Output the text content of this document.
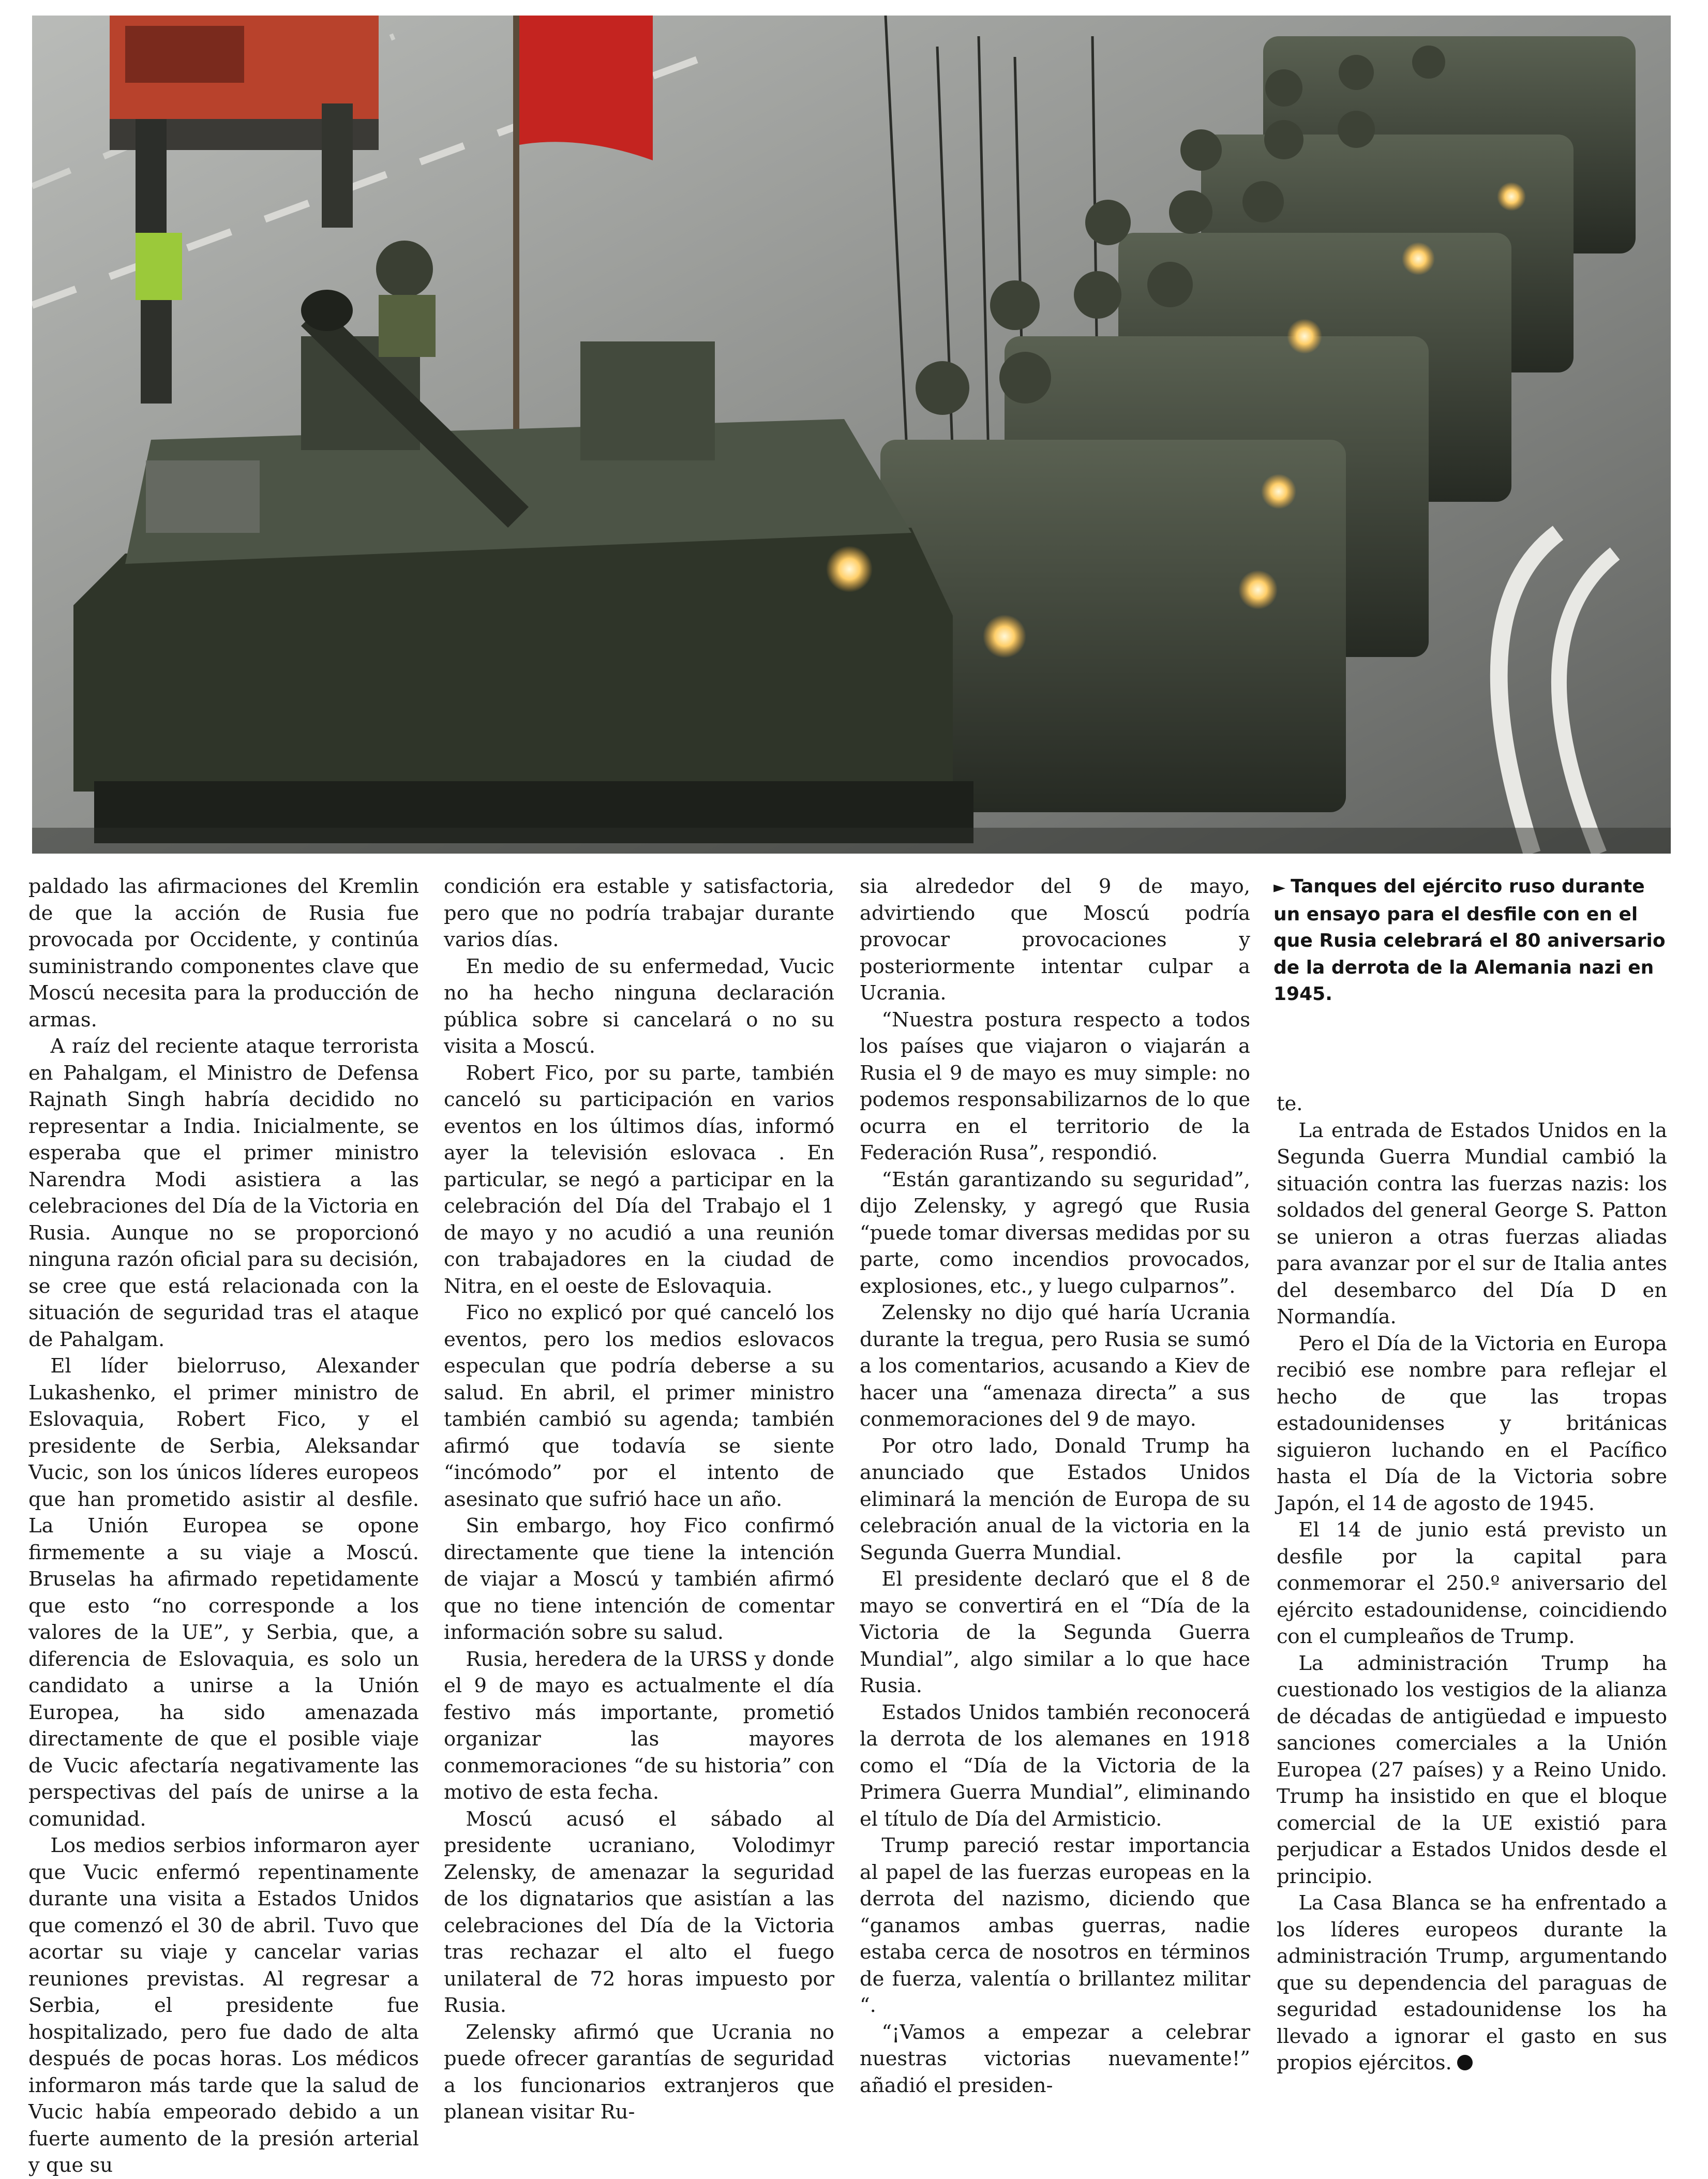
► Tanques del ejército ruso durante un ensayo para el desfile con en el que Rusia celebrará el 80 aniversario de la derrota de la Alemania nazi en 1945.

paldado las afirmaciones del Kremlin de que la acción de Rusia fue provocada por Occidente, y continúa suministrando componentes clave que Moscú necesita para la producción de armas.

A raíz del reciente ataque terrorista en Pahalgam, el Ministro de Defensa Rajnath Singh habría decidido no representar a India. Inicialmente, se esperaba que el primer ministro Narendra Modi asistiera a las celebraciones del Día de la Victoria en Rusia. Aunque no se proporcionó ninguna razón oficial para su decisión, se cree que está relacionada con la situación de seguridad tras el ataque de Pahalgam.

El líder bielorruso, Alexander Lukashenko, el primer ministro de Eslovaquia, Robert Fico, y el presidente de Serbia, Aleksandar Vucic, son los únicos líderes europeos que han prometido asistir al desfile. La Unión Europea se opone firmemente a su viaje a Moscú. Bruselas ha afirmado repetidamente que esto “no corresponde a los valores de la UE”, y Serbia, que, a diferencia de Eslovaquia, es solo un candidato a unirse a la Unión Europea, ha sido amenazada directamente de que el posible viaje de Vucic afectaría negativamente las perspectivas del país de unirse a la comunidad.

Los medios serbios informaron ayer que Vucic enfermó repentinamente durante una visita a Estados Unidos que comenzó el 30 de abril. Tuvo que acortar su viaje y cancelar varias reuniones previstas. Al regresar a Serbia, el presidente fue hospitalizado, pero fue dado de alta después de pocas horas. Los médicos informaron más tarde que la salud de Vucic había empeorado debido a un fuerte aumento de la presión arterial y que su

condición era estable y satisfactoria, pero que no podría trabajar durante varios días.

En medio de su enfermedad, Vucic no ha hecho ninguna declaración pública sobre si cancelará o no su visita a Moscú.

Robert Fico, por su parte, también canceló su participación en varios eventos en los últimos días, informó ayer la televisión eslovaca . En particular, se negó a participar en la celebración del Día del Trabajo el 1 de mayo y no acudió a una reunión con trabajadores en la ciudad de Nitra, en el oeste de Eslovaquia.

Fico no explicó por qué canceló los eventos, pero los medios eslovacos especulan que podría deberse a su salud. En abril, el primer ministro también cambió su agenda; también afirmó que todavía se siente “incómodo” por el intento de asesinato que sufrió hace un año.

Sin embargo, hoy Fico confirmó directamente que tiene la intención de viajar a Moscú y también afirmó que no tiene intención de comentar información sobre su salud.

Rusia, heredera de la URSS y donde el 9 de mayo es actualmente el día festivo más importante, prometió organizar las mayores conmemoraciones “de su historia” con motivo de esta fecha.

Moscú acusó el sábado al presidente ucraniano, Volodimyr Zelensky, de amenazar la seguridad de los dignatarios que asistían a las celebraciones del Día de la Victoria tras rechazar el alto el fuego unilateral de 72 horas impuesto por Rusia.

Zelensky afirmó que Ucrania no puede ofrecer garantías de seguridad a los funcionarios extranjeros que planean visitar Ru-

sia alrededor del 9 de mayo, advirtiendo que Moscú podría provocar provocaciones y posteriormente intentar culpar a Ucrania.

“Nuestra postura respecto a todos los países que viajaron o viajarán a Rusia el 9 de mayo es muy simple: no podemos responsabilizarnos de lo que ocurra en el territorio de la Federación Rusa”, respondió.

“Están garantizando su seguridad”, dijo Zelensky, y agregó que Rusia “puede tomar diversas medidas por su parte, como incendios provocados, explosiones, etc., y luego culparnos”.

Zelensky no dijo qué haría Ucrania durante la tregua, pero Rusia se sumó a los comentarios, acusando a Kiev de hacer una “amenaza directa” a sus conmemoraciones del 9 de mayo.

Por otro lado, Donald Trump ha anunciado que Estados Unidos eliminará la mención de Europa de su celebración anual de la victoria en la Segunda Guerra Mundial.

El presidente declaró que el 8 de mayo se convertirá en el “Día de la Victoria de la Segunda Guerra Mundial”, algo similar a lo que hace Rusia.

Estados Unidos también reconocerá la derrota de los alemanes en 1918 como el “Día de la Victoria de la Primera Guerra Mundial”, eliminando el título de Día del Armisticio.

Trump pareció restar importancia al papel de las fuerzas europeas en la derrota del nazismo, diciendo que “ganamos ambas guerras, nadie estaba cerca de nosotros en términos de fuerza, valentía o brillantez militar “.

“¡Vamos a empezar a celebrar nuestras victorias nuevamente!” añadió el presiden-

te.

La entrada de Estados Unidos en la Segunda Guerra Mundial cambió la situación contra las fuerzas nazis: los soldados del general George S. Patton se unieron a otras fuerzas aliadas para avanzar por el sur de Italia antes del desembarco del Día D en Normandía.

Pero el Día de la Victoria en Europa recibió ese nombre para reflejar el hecho de que las tropas estadounidenses y británicas siguieron luchando en el Pacífico hasta el Día de la Victoria sobre Japón, el 14 de agosto de 1945.

El 14 de junio está previsto un desfile por la capital para conmemorar el 250.º aniversario del ejército estadounidense, coincidiendo con el cumpleaños de Trump.

La administración Trump ha cuestionado los vestigios de la alianza de décadas de antigüedad e impuesto sanciones comerciales a la Unión Europea (27 países) y a Reino Unido. Trump ha insistido en que el bloque comercial de la UE existió para perjudicar a Estados Unidos desde el principio.

La Casa Blanca se ha enfrentado a los líderes europeos durante la administración Trump, argumentando que su dependencia del paraguas de seguridad estadounidense los ha llevado a ignorar el gasto en sus propios ejércitos.
